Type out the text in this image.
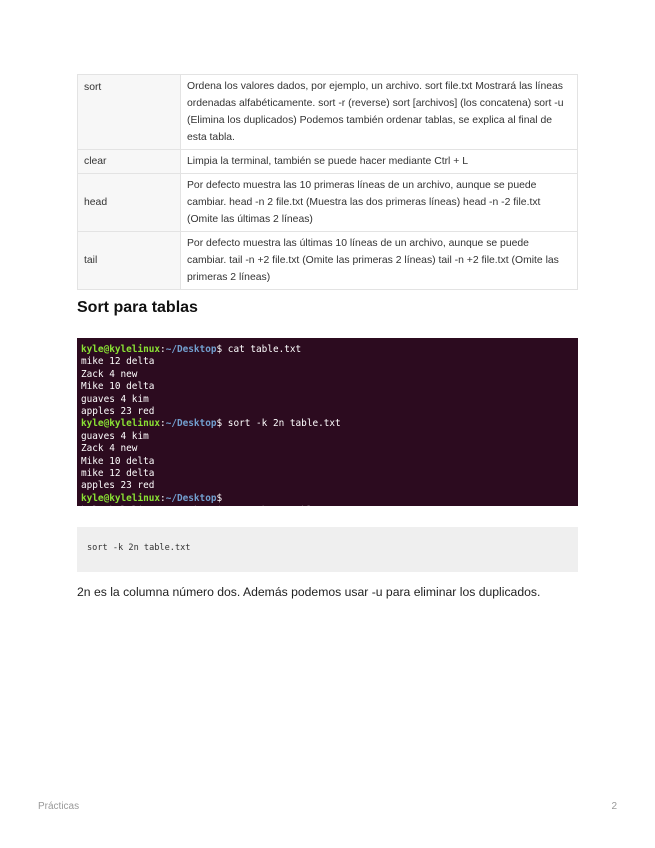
sort	Ordena los valores dados, por ejemplo, un archivo. sort file.txt Mostrará las líneas ordenadas alfabéticamente. sort -r (reverse) sort [archivos] (los concatena) sort -u (Elimina los duplicados) Podemos también ordenar tablas, se explica al final de esta tabla.
clear	Limpia la terminal, también se puede hacer mediante Ctrl + L
head	Por defecto muestra las 10 primeras líneas de un archivo, aunque se puede cambiar. head -n 2 file.txt (Muestra las dos primeras líneas) head -n -2 file.txt (Omite las últimas 2 líneas)
tail	Por defecto muestra las últimas 10 líneas de un archivo, aunque se puede cambiar. tail -n +2 file.txt (Omite las primeras 2 líneas) tail -n +2 file.txt (Omite las primeras 2 líneas)
Sort para tablas
kyle@kylelinux:~/Desktop$ cat table.txt
mike 12 delta
Zack 4 new
Mike 10 delta
guaves 4 kim
apples 23 red
kyle@kylelinux:~/Desktop$ sort -k 2n table.txt
guaves 4 kim
Zack 4 new
Mike 10 delta
mike 12 delta
apples 23 red
kyle@kylelinux:~/Desktop$
kyle@kylelinux:~/Desktop$ sort -k 2n table.txt
sort -k 2n table.txt

2n es la columna número dos. Además podemos usar -u para eliminar los duplicados.

Prácticas	2
